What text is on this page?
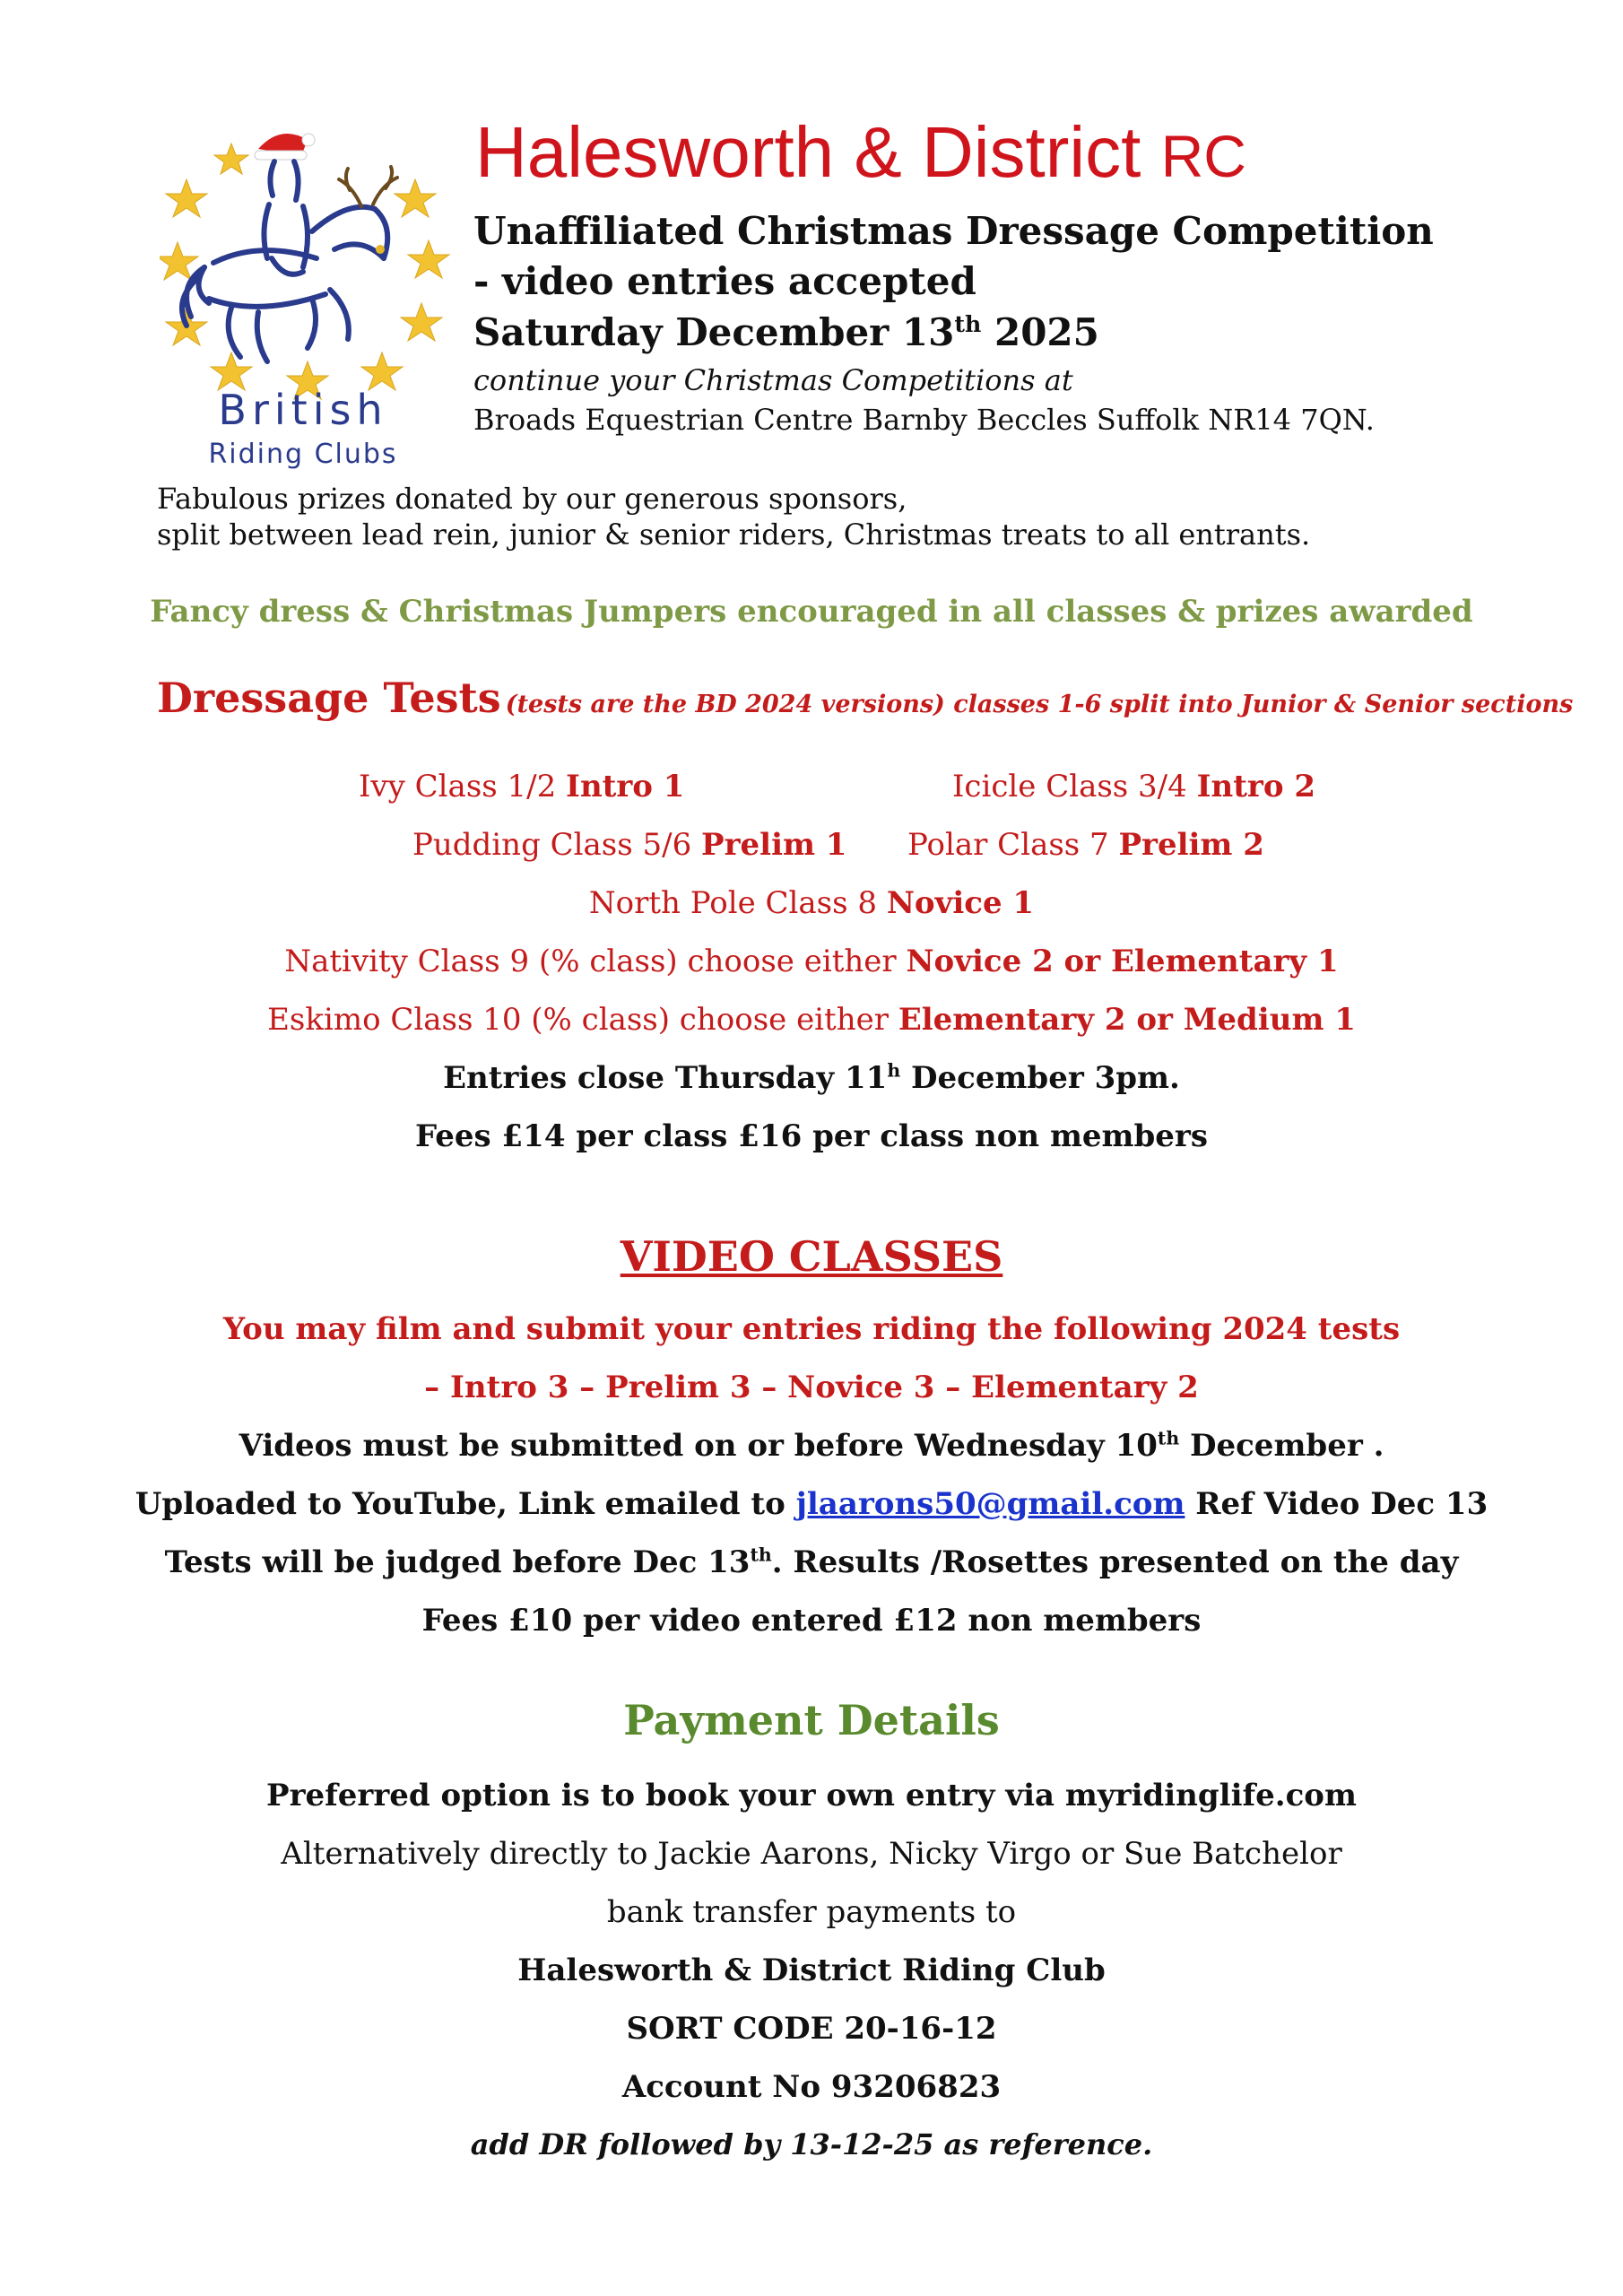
British
Riding Clubs
Halesworth & District RC
Unaffiliated Christmas Dressage Competition
- video entries accepted
Saturday December 13th 2025
continue your Christmas Competitions at
Broads Equestrian Centre Barnby Beccles Suffolk NR14 7QN.
Fabulous prizes donated by our generous sponsors,
split between lead rein, junior & senior riders, Christmas treats to all entrants.
Fancy dress & Christmas Jumpers encouraged in all classes & prizes awarded
Dressage Tests (tests are the BD 2024 versions) classes 1-6 split into Junior & Senior sections
Ivy Class 1/2 Intro 1	Icicle Class 3/4 Intro 2
Pudding Class 5/6 Prelim 1 Polar Class 7 Prelim 2
North Pole Class 8 Novice 1
Nativity Class 9 (% class) choose either Novice 2 or Elementary 1
Eskimo Class 10 (% class) choose either Elementary 2 or Medium 1
Entries close Thursday 11$^h$ December 3pm.
Fees £14 per class £16 per class non members
VIDEO CLASSES
You may film and submit your entries riding the following 2024 tests
– Intro 3 – Prelim 3 – Novice 3 – Elementary 2
Videos must be submitted on or before Wednesday 10th December .
Uploaded to YouTube, Link emailed to jlaarons50@gmail.com Ref Video Dec 13
Tests will be judged before Dec 13th. Results /Rosettes presented on the day
Fees £10 per video entered £12 non members
Payment Details
Preferred option is to book your own entry via myridinglife.com
Alternatively directly to Jackie Aarons, Nicky Virgo or Sue Batchelor
bank transfer payments to
Halesworth & District Riding Club
SORT CODE 20-16-12
Account No 93206823
add DR followed by 13-12-25 as reference.
